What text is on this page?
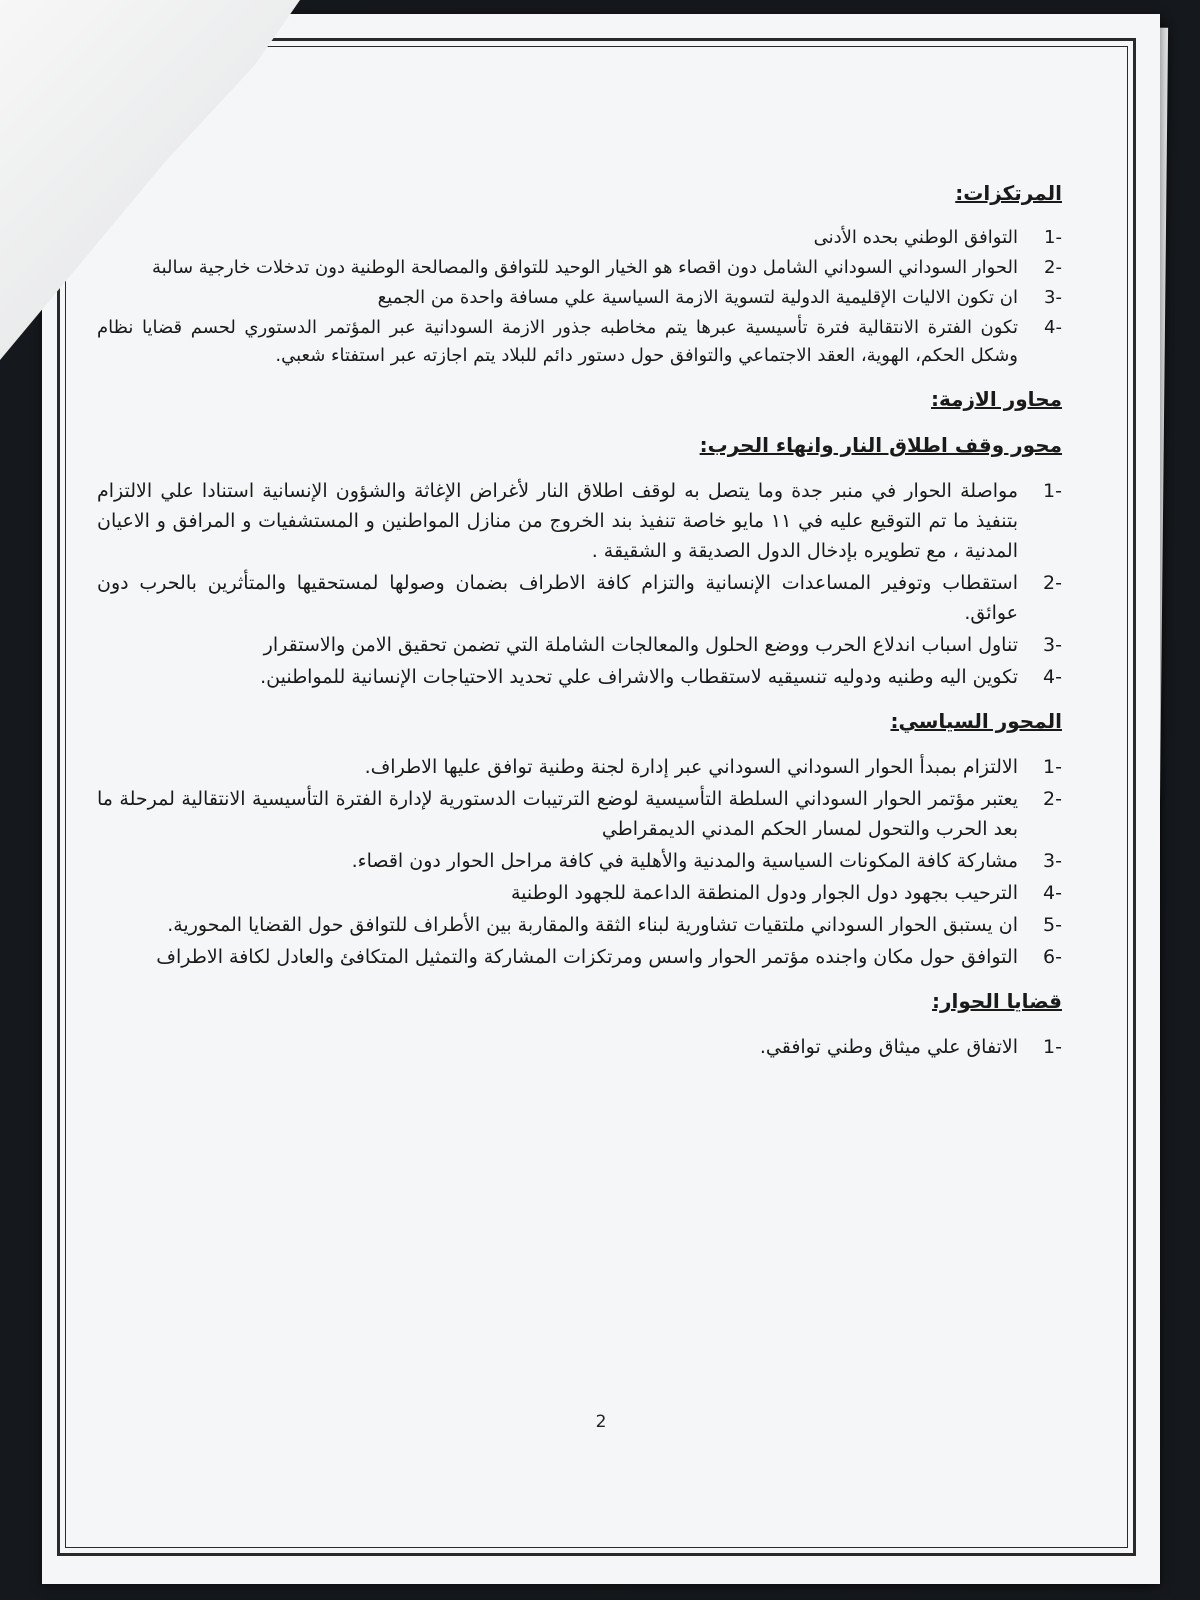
المرتكزات:
-1
التوافق الوطني بحده الأدنى
-2
الحوار السوداني السوداني الشامل دون اقصاء هو الخيار الوحيد للتوافق والمصالحة الوطنية دون تدخلات خارجية سالبة
-3
ان تكون الاليات الإقليمية الدولية لتسوية الازمة السياسية علي مسافة واحدة من الجميع
-4
تكون الفترة الانتقالية فترة تأسيسية عبرها يتم مخاطبه جذور الازمة السودانية عبر المؤتمر الدستوري لحسم قضايا نظام وشكل الحكم، الهوية، العقد الاجتماعي والتوافق حول دستور دائم للبلاد يتم اجازته عبر استفتاء شعبي.
محاور الازمة:
محور وقف اطلاق النار وانهاء الحرب:
-1
مواصلة الحوار في منبر جدة وما يتصل به لوقف اطلاق النار لأغراض الإغاثة والشؤون الإنسانية استنادا علي الالتزام بتنفيذ ما تم التوقيع عليه في ١١ مايو خاصة تنفيذ بند الخروج من منازل المواطنين و المستشفيات و المرافق و الاعيان المدنية ، مع تطويره بإدخال الدول الصديقة و الشقيقة .
-2
استقطاب وتوفير المساعدات الإنسانية والتزام كافة الاطراف بضمان وصولها لمستحقيها والمتأثرين بالحرب دون عوائق.
-3
تناول اسباب اندلاع الحرب ووضع الحلول والمعالجات الشاملة التي تضمن تحقيق الامن والاستقرار
-4
تكوين اليه وطنيه ودوليه تنسيقيه لاستقطاب والاشراف علي تحديد الاحتياجات الإنسانية للمواطنين.
المحور السياسي:
-1
الالتزام بمبدأ الحوار السوداني السوداني عبر إدارة لجنة وطنية توافق عليها الاطراف.
-2
يعتبر مؤتمر الحوار السوداني السلطة التأسيسية لوضع الترتيبات الدستورية لإدارة الفترة التأسيسية الانتقالية لمرحلة ما بعد الحرب والتحول لمسار الحكم المدني الديمقراطي
-3
مشاركة كافة المكونات السياسية والمدنية والأهلية في كافة مراحل الحوار دون اقصاء.
-4
الترحيب بجهود دول الجوار ودول المنطقة الداعمة للجهود الوطنية
-5
ان يستبق الحوار السوداني ملتقيات تشاورية لبناء الثقة والمقاربة بين الأطراف للتوافق حول القضايا المحورية.
-6
التوافق حول مكان واجنده مؤتمر الحوار واسس ومرتكزات المشاركة والتمثيل المتكافئ والعادل لكافة الاطراف
قضايا الحوار:
-1
الاتفاق علي ميثاق وطني توافقي.
2
